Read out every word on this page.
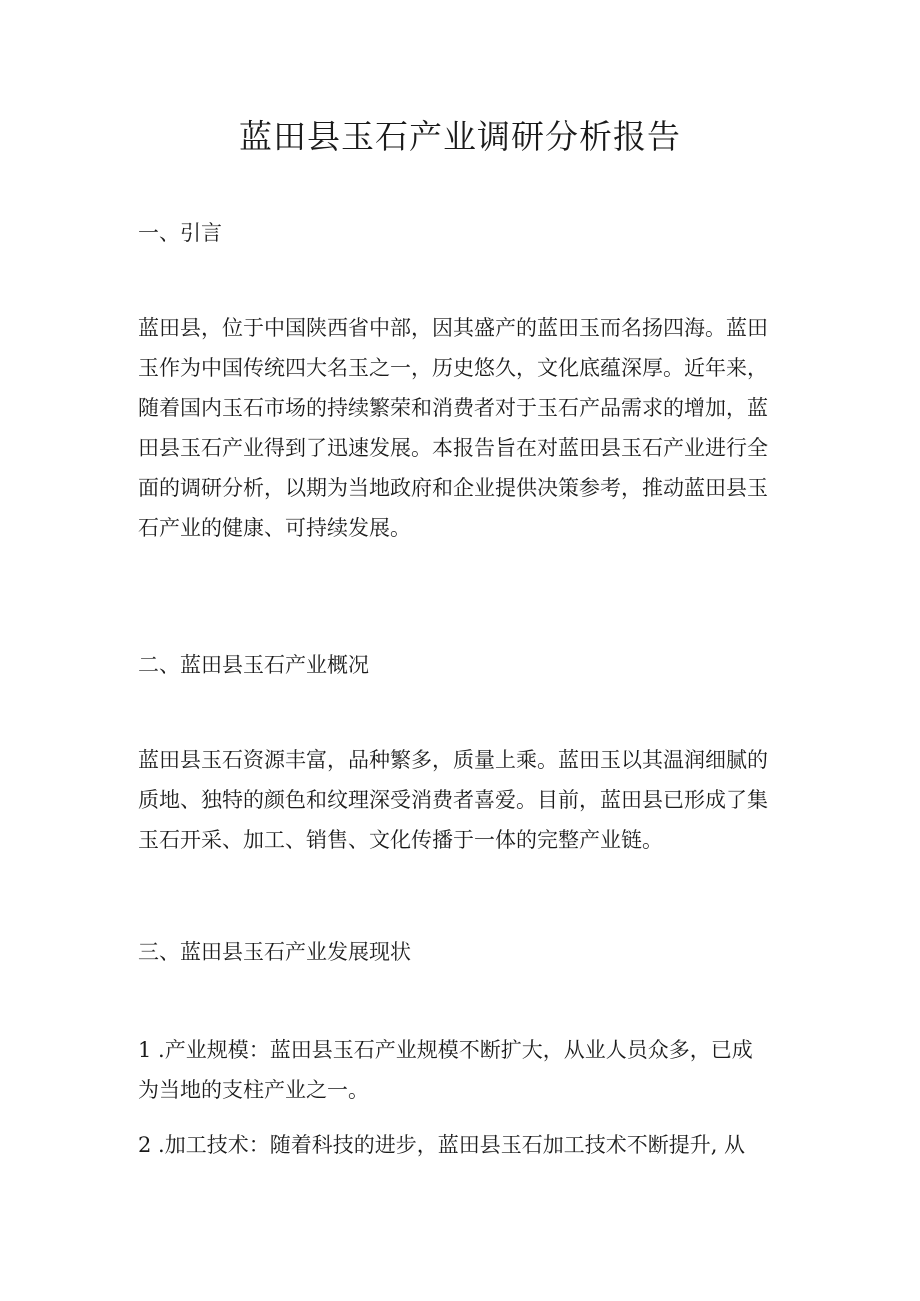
蓝田县玉石产业调研分析报告
一、引言

蓝田县，位于中国陕西省中部，因其盛产的蓝田玉而名扬四海。蓝田
玉作为中国传统四大名玉之一，历史悠久，文化底蕴深厚。近年来，
随着国内玉石市场的持续繁荣和消费者对于玉石产品需求的增加，蓝
田县玉石产业得到了迅速发展。本报告旨在对蓝田县玉石产业进行全
面的调研分析，以期为当地政府和企业提供决策参考，推动蓝田县玉
石产业的健康、可持续发展。

二、蓝田县玉石产业概况

蓝田县玉石资源丰富，品种繁多，质量上乘。蓝田玉以其温润细腻的
质地、独特的颜色和纹理深受消费者喜爱。目前，蓝田县已形成了集
玉石开采、加工、销售、文化传播于一体的完整产业链。

三、蓝田县玉石产业发展现状

1 .产业规模：蓝田县玉石产业规模不断扩大，从业人员众多，已成
为当地的支柱产业之一。

2 .加工技术：随着科技的进步，蓝田县玉石加工技术不断提升, 从
